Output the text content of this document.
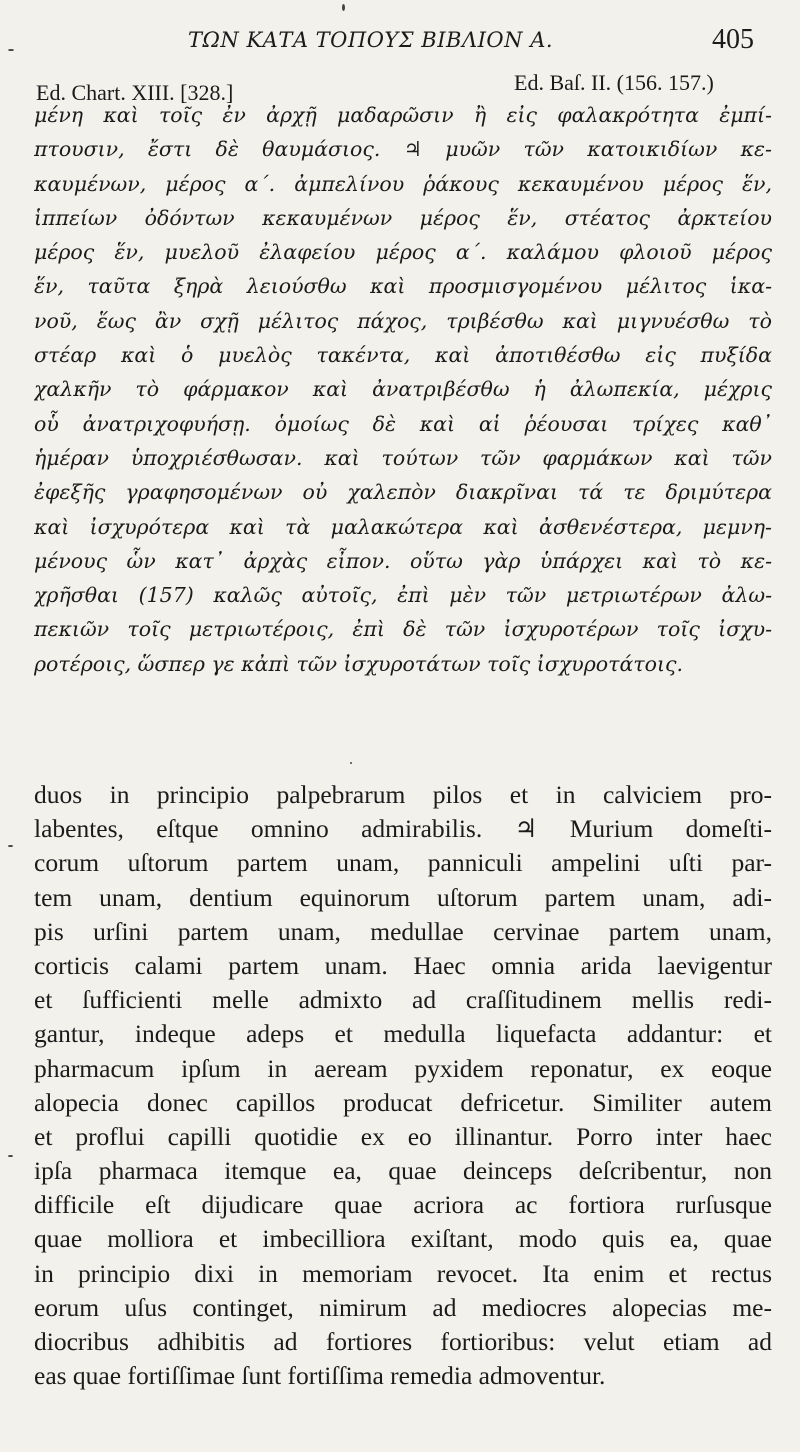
ΤΩΝ ΚΑΤΑ ΤΟΠΟΥΣ ΒΙΒΛΙΟΝ Α.	405
Ed. Chart. XIII. [328.]	Ed. Baſ. II. (156. 157.)
μένη καὶ τοῖς ἐν ἀρχῇ μαδαρῶσιν ἢ εἰς φαλακρότητα ἐμπί-
πτουσιν, ἔστι δὲ θαυμάσιος. ♃ μυῶν τῶν κατοικιδίων κε-
καυμένων, μέρος α΄. ἀμπελίνου ῥάκους κεκαυμένου μέρος ἕν,
ἱππείων ὀδόντων κεκαυμένων μέρος ἕν, στέατος ἀρκτείου
μέρος ἕν, μυελοῦ ἐλαφείου μέρος α΄. καλάμου φλοιοῦ μέρος
ἕν, ταῦτα ξηρὰ λειούσθω καὶ προσμισγομένου μέλιτος ἱκα-
νοῦ, ἕως ἂν σχῇ μέλιτος πάχος, τριβέσθω καὶ μιγνυέσθω τὸ
στέαρ καὶ ὁ μυελὸς τακέντα, καὶ ἀποτιθέσθω εἰς πυξίδα
χαλκῆν τὸ φάρμακον καὶ ἀνατριβέσθω ἡ ἀλωπεκία, μέχρις
οὗ ἀνατριχοφυήσῃ. ὁμοίως δὲ καὶ αἱ ῥέουσαι τρίχες καθ᾽
ἡμέραν ὑποχριέσθωσαν. καὶ τούτων τῶν φαρμάκων καὶ τῶν
ἐφεξῆς γραφησομένων οὐ χαλεπὸν διακρῖναι τά τε δριμύτερα
καὶ ἰσχυρότερα καὶ τὰ μαλακώτερα καὶ ἀσθενέστερα, μεμνη-
μένους ὧν κατ᾽ ἀρχὰς εἶπον. οὕτω γὰρ ὑπάρχει καὶ τὸ κε-
χρῆσθαι (157) καλῶς αὐτοῖς, ἐπὶ μὲν τῶν μετριωτέρων ἀλω-
πεκιῶν τοῖς μετριωτέροις, ἐπὶ δὲ τῶν ἰσχυροτέρων τοῖς ἰσχυ-
ροτέροις, ὥσπερ γε κἀπὶ τῶν ἰσχυροτάτων τοῖς ἰσχυροτάτοις.
duos in principio palpebrarum pilos et in calviciem pro-
labentes, eſtque omnino admirabilis. ♃ Murium domeſti-
corum uſtorum partem unam, panniculi ampelini uſti par-
tem unam, dentium equinorum uſtorum partem unam, adi-
pis urſini partem unam, medullae cervinae partem unam,
corticis calami partem unam. Haec omnia arida laevigentur
et ſufficienti melle admixto ad craſſitudinem mellis redi-
gantur, indeque adeps et medulla liquefacta addantur: et
pharmacum ipſum in aeream pyxidem reponatur, ex eoque
alopecia donec capillos producat defricetur. Similiter autem
et profluі capilli quotidie ex eo illinantur. Porro inter haec
ipſa pharmaca itemque ea, quae deinceps deſcribentur, non
difficile eſt dijudicare quae acriora ac fortiora rurſusque
quae molliora et imbecilliora exiſtant, modo quis ea, quae
in principio dixi in memoriam revocet. Ita enim et rectus
eorum uſus continget, nimirum ad mediocres alopecias me-
diocribus adhibitis ad fortiores fortioribus: velut etiam ad
eas quae fortiſſimae ſunt fortiſſima remedia admoventur.
